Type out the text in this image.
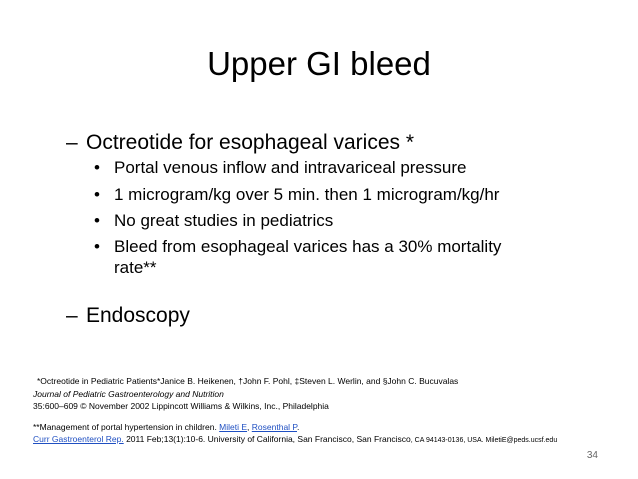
Upper GI bleed
– Octreotide for esophageal varices *
• Portal venous inflow and intravariceal pressure
• 1 microgram/kg over 5 min. then 1 microgram/kg/hr
• No great studies in pediatrics
• Bleed from esophageal varices has a 30% mortality rate**
– Endoscopy
*Octreotide in Pediatric Patients*Janice B. Heikenen, †John F. Pohl, ‡Steven L. Werlin, and §John C. Bucuvalas
Journal of Pediatric Gastroenterology and Nutrition
35:600–609 © November 2002 Lippincott Williams & Wilkins, Inc., Philadelphia
**Management of portal hypertension in children. Mileti E, Rosenthal P.
Curr Gastroenterol Rep. 2011 Feb;13(1):10-6. University of California, San Francisco, San Francisco, CA 94143-0136, USA. MiletiE@peds.ucsf.edu
34
